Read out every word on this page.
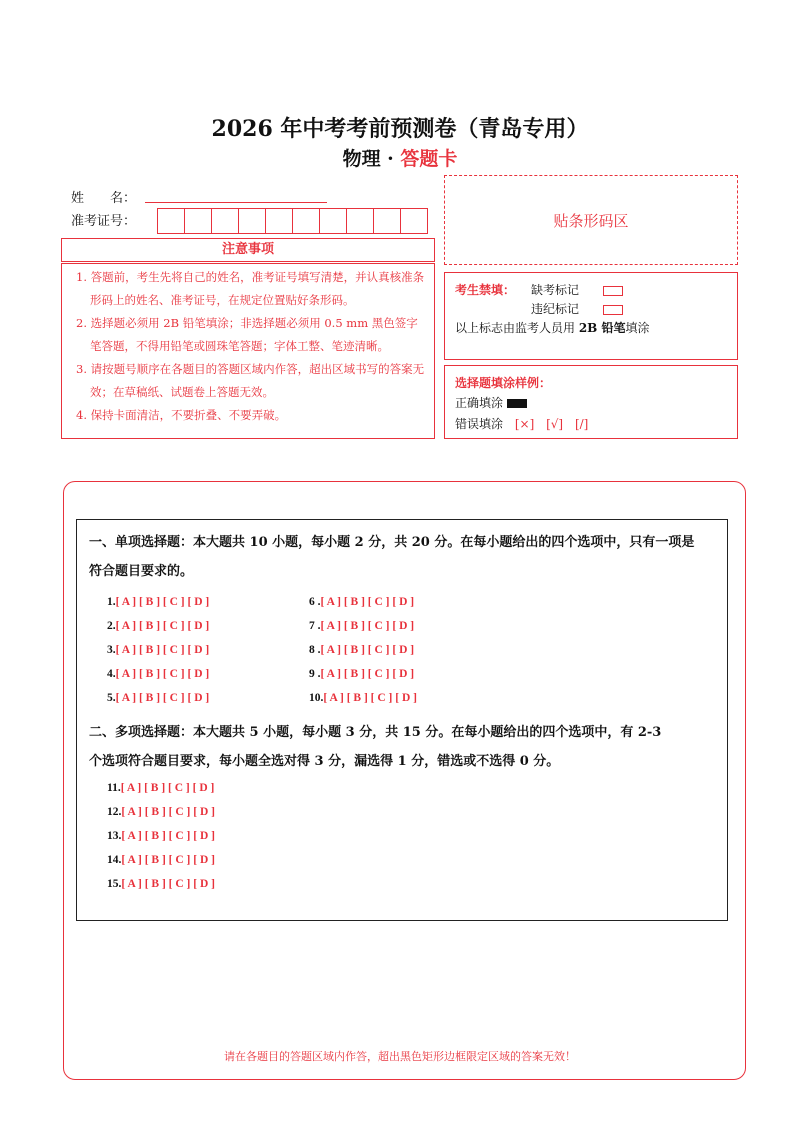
2026 年中考考前预测卷（青岛专用）
物理 · 答题卡
姓　　名：
准考证号：
注意事项
1. 答题前，考生先将自己的姓名，准考证号填写清楚，并认真核准条形码上的姓名、准考证号，在规定位置贴好条形码。
2. 选择题必须用 2B 铅笔填涂；非选择题必须用 0.5 mm 黑色签字笔答题，不得用铅笔或圆珠笔答题；字体工整、笔迹清晰。
3. 请按题号顺序在各题目的答题区域内作答，超出区域书写的答案无效；在草稿纸、试题卷上答题无效。
4. 保持卡面清洁，不要折叠、不要弄破。
贴条形码区
考生禁填： 缺考标记
违纪标记
以上标志由监考人员用 2B 铅笔填涂
选择题填涂样例：
正确填涂
错误填涂 [×] [√] [/]
一、单项选择题：本大题共 10 小题，每小题 2 分，共 20 分。在每小题给出的四个选项中，只有一项是
符合题目要求的。
1.[ A ] [ B ] [ C ] [ D ]
2.[ A ] [ B ] [ C ] [ D ]
3.[ A ] [ B ] [ C ] [ D ]
4.[ A ] [ B ] [ C ] [ D ]
5.[ A ] [ B ] [ C ] [ D ]
6 .[ A ] [ B ] [ C ] [ D ]
7 .[ A ] [ B ] [ C ] [ D ]
8 .[ A ] [ B ] [ C ] [ D ]
9 .[ A ] [ B ] [ C ] [ D ]
10.[ A ] [ B ] [ C ] [ D ]
二、多项选择题：本大题共 5 小题，每小题 3 分，共 15 分。在每小题给出的四个选项中，有 2-3
个选项符合题目要求，每小题全选对得 3 分，漏选得 1 分，错选或不选得 0 分。
11.[ A ] [ B ] [ C ] [ D ]
12.[ A ] [ B ] [ C ] [ D ]
13.[ A ] [ B ] [ C ] [ D ]
14.[ A ] [ B ] [ C ] [ D ]
15.[ A ] [ B ] [ C ] [ D ]
请在各题目的答题区域内作答，超出黑色矩形边框限定区域的答案无效！
